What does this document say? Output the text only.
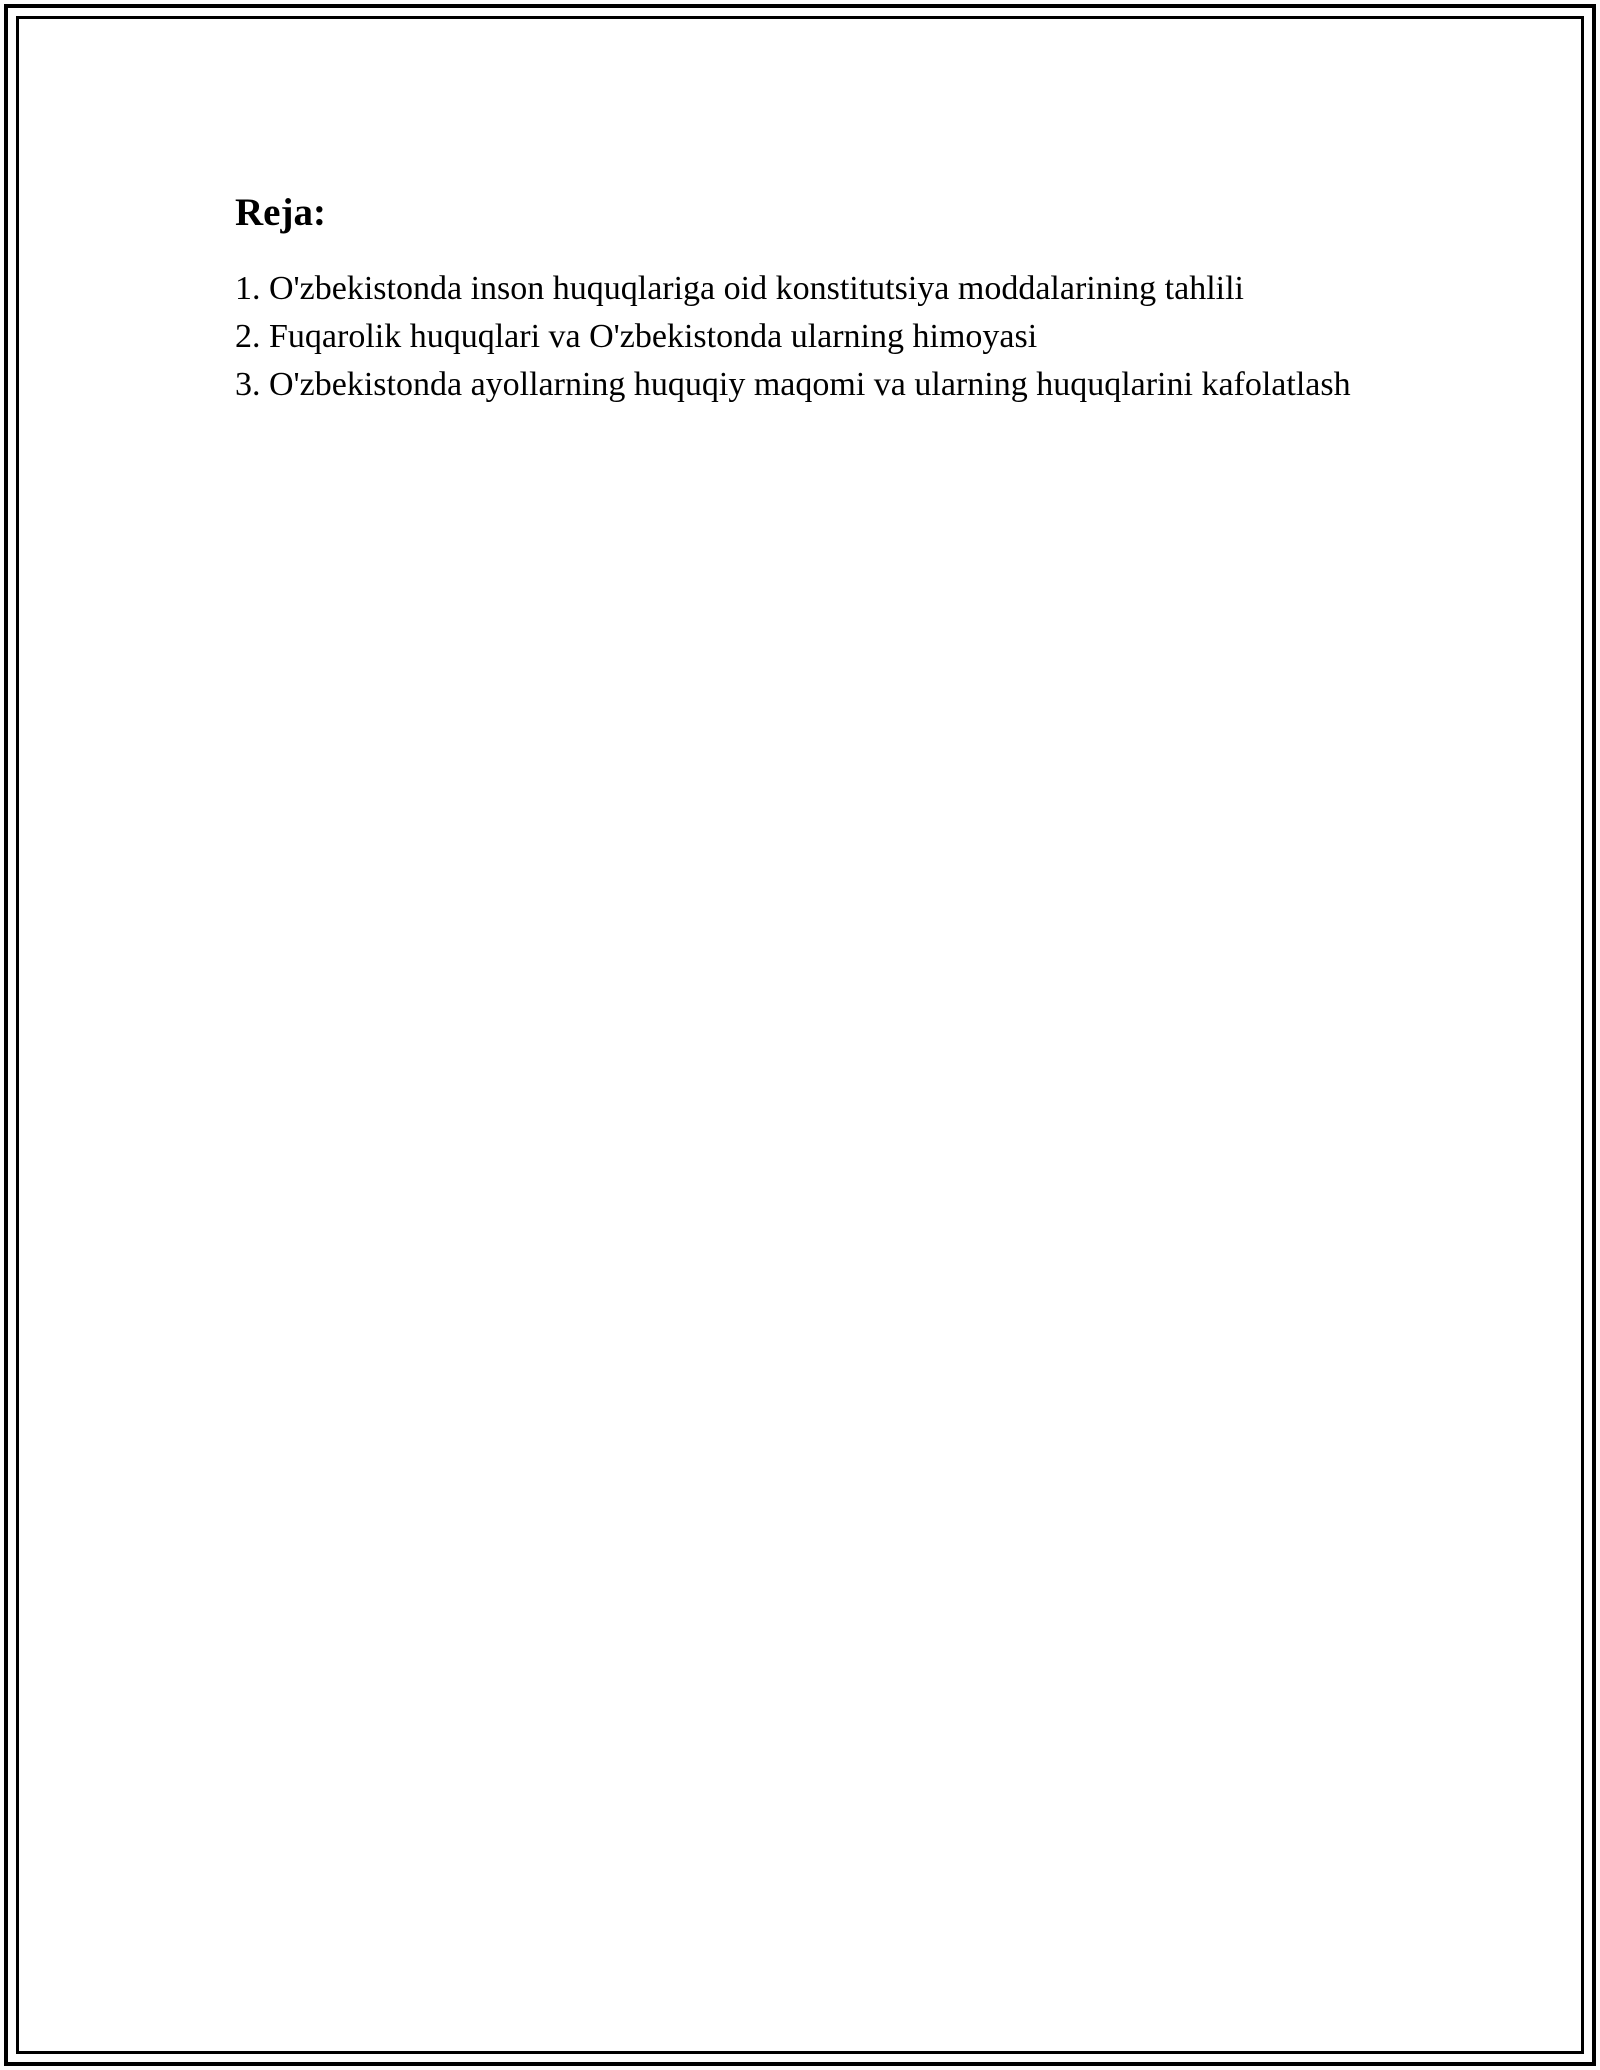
Reja:
1. O'zbekistonda inson huquqlariga oid konstitutsiya moddalarining tahlili
2. Fuqarolik huquqlari va O'zbekistonda ularning himoyasi
3. O'zbekistonda ayollarning huquqiy maqomi va ularning huquqlarini kafolatlash
